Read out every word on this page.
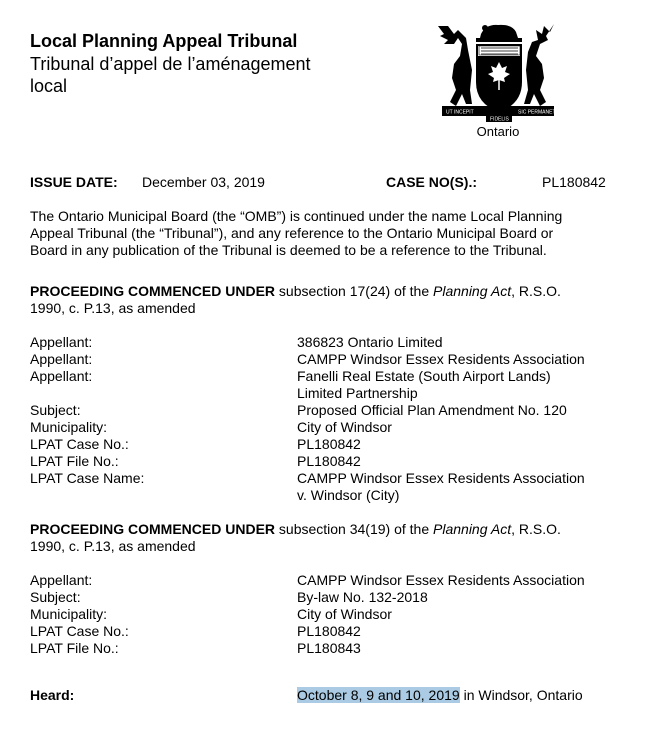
Local Planning Appeal Tribunal
Tribunal d’appel de l’aménagement
local
UT INCEPIT	SIC PERMANET
FIDELIS
Ontario
ISSUE DATE: December 03, 2019	CASE NO(S).:	PL180842
The Ontario Municipal Board (the “OMB”) is continued under the name Local Planning
Appeal Tribunal (the “Tribunal”), and any reference to the Ontario Municipal Board or
Board in any publication of the Tribunal is deemed to be a reference to the Tribunal.
PROCEEDING COMMENCED UNDER subsection 17(24) of the Planning Act, R.S.O.
1990, c. P.13, as amended
Appellant:	386823 Ontario Limited
Appellant:	CAMPP Windsor Essex Residents Association
Appellant:	Fanelli Real Estate (South Airport Lands)
Limited Partnership
Subject:	Proposed Official Plan Amendment No. 120
Municipality:	City of Windsor
LPAT Case No.:	PL180842
LPAT File No.:	PL180842
LPAT Case Name:	CAMPP Windsor Essex Residents Association
v. Windsor (City)
PROCEEDING COMMENCED UNDER subsection 34(19) of the Planning Act, R.S.O.
1990, c. P.13, as amended
Appellant:	CAMPP Windsor Essex Residents Association
Subject:	By-law No. 132-2018
Municipality:	City of Windsor
LPAT Case No.:	PL180842
LPAT File No.:	PL180843
Heard:	October 8, 9 and 10, 2019 in Windsor, Ontario
